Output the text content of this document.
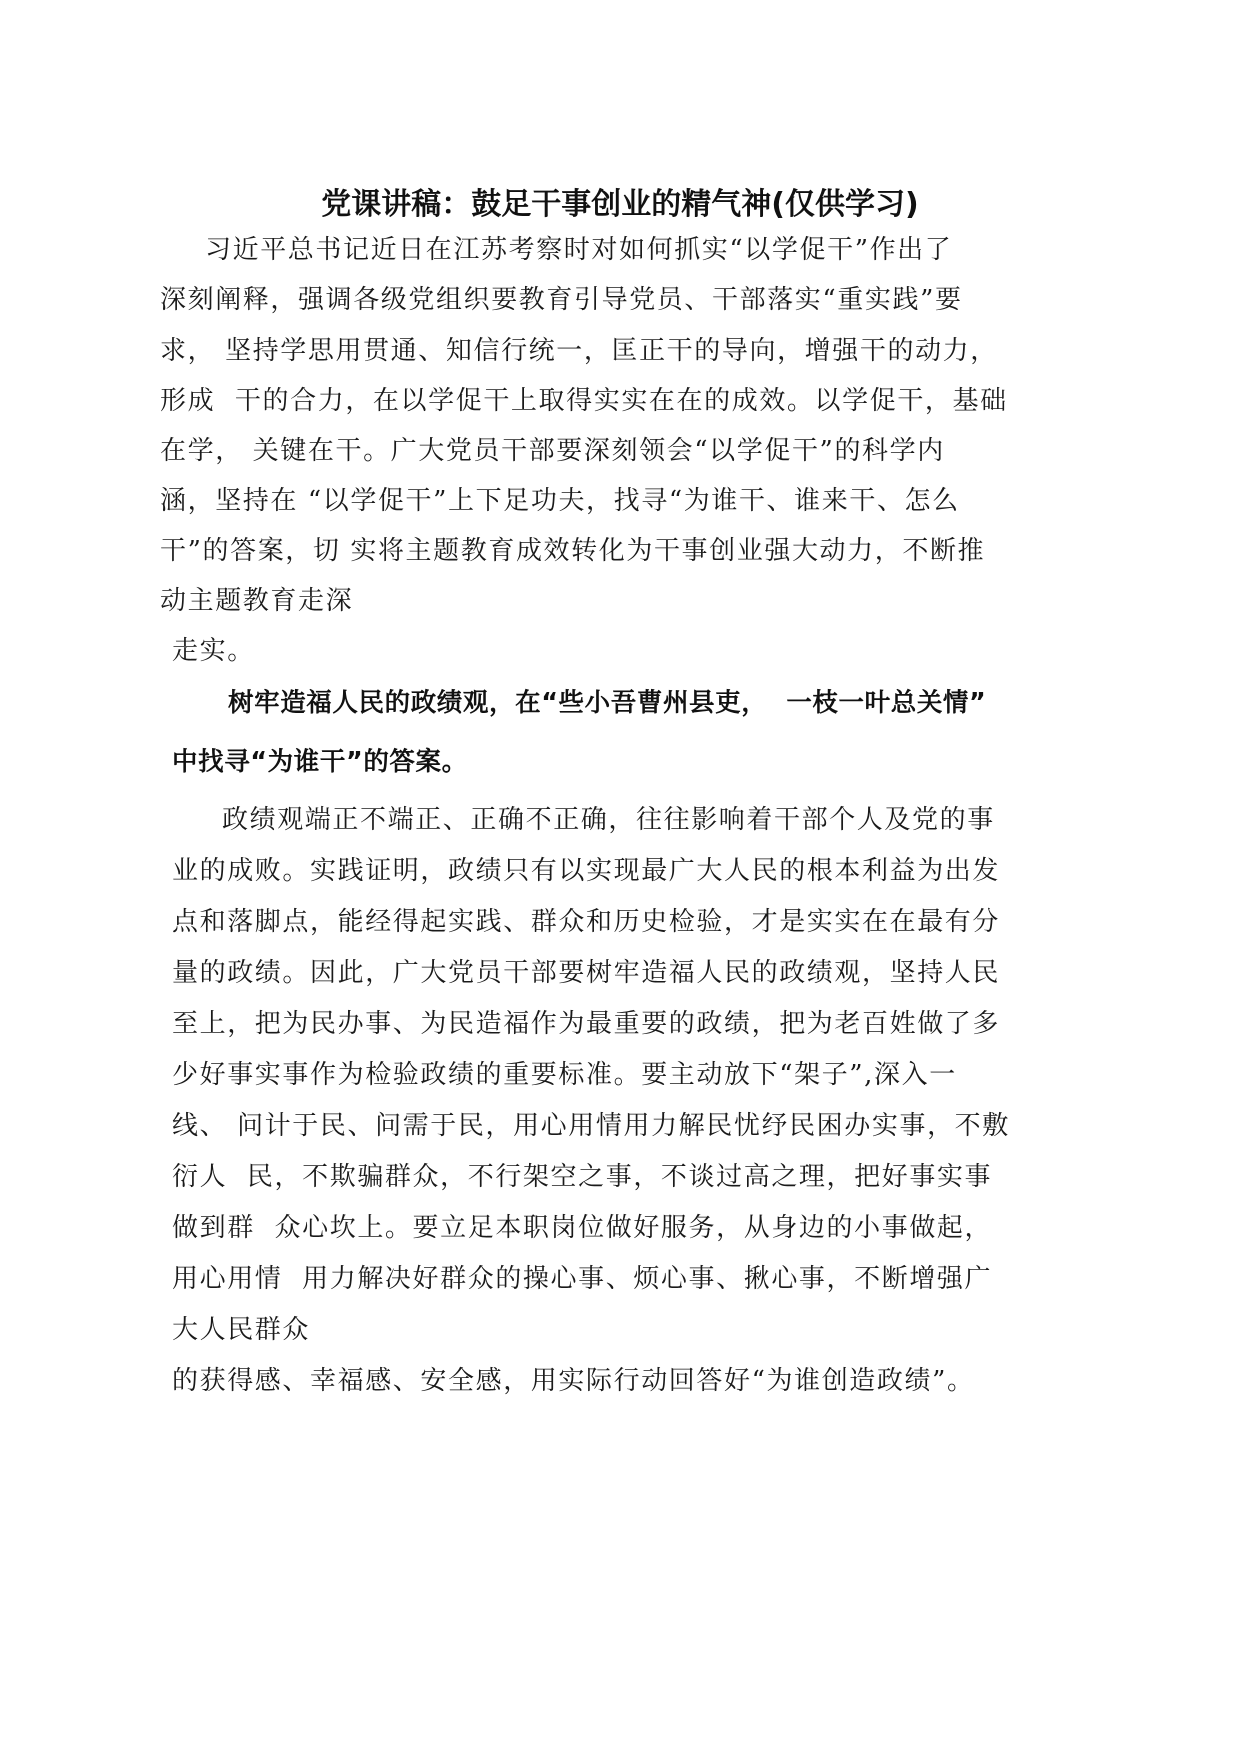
党课讲稿：鼓足干事创业的精气神(仅供学习)
习近平总书记近日在江苏考察时对如何抓实“以学促干”作出了
深刻阐释，强调各级党组织要教育引导党员、干部落实“重实践”要
求， 坚持学思用贯通、知信行统一，匡正干的导向，增强干的动力，
形成  干的合力，在以学促干上取得实实在在的成效。以学促干，基础
在学， 关键在干。广大党员干部要深刻领会“以学促干”的科学内
涵，坚持在 “以学促干”上下足功夫，找寻“为谁干、谁来干、怎么
干”的答案，切 实将主题教育成效转化为干事创业强大动力，不断推
动主题教育走深
走实。
树牢造福人民的政绩观，在“些小吾曹州县吏，  一枝一叶总关情”
中找寻“为谁干”的答案。
政绩观端正不端正、正确不正确，往往影响着干部个人及党的事
业的成败。实践证明，政绩只有以实现最广大人民的根本利益为出发
点和落脚点，能经得起实践、群众和历史检验，才是实实在在最有分
量的政绩。因此，广大党员干部要树牢造福人民的政绩观，坚持人民
至上，把为民办事、为民造福作为最重要的政绩，把为老百姓做了多
少好事实事作为检验政绩的重要标准。要主动放下“架子”,深入一
线、 问计于民、问需于民，用心用情用力解民忧纾民困办实事，不敷
衍人  民，不欺骗群众，不行架空之事，不谈过高之理，把好事实事
做到群  众心坎上。要立足本职岗位做好服务，从身边的小事做起，
用心用情  用力解决好群众的操心事、烦心事、揪心事，不断增强广
大人民群众
的获得感、幸福感、安全感，用实际行动回答好“为谁创造政绩”。
